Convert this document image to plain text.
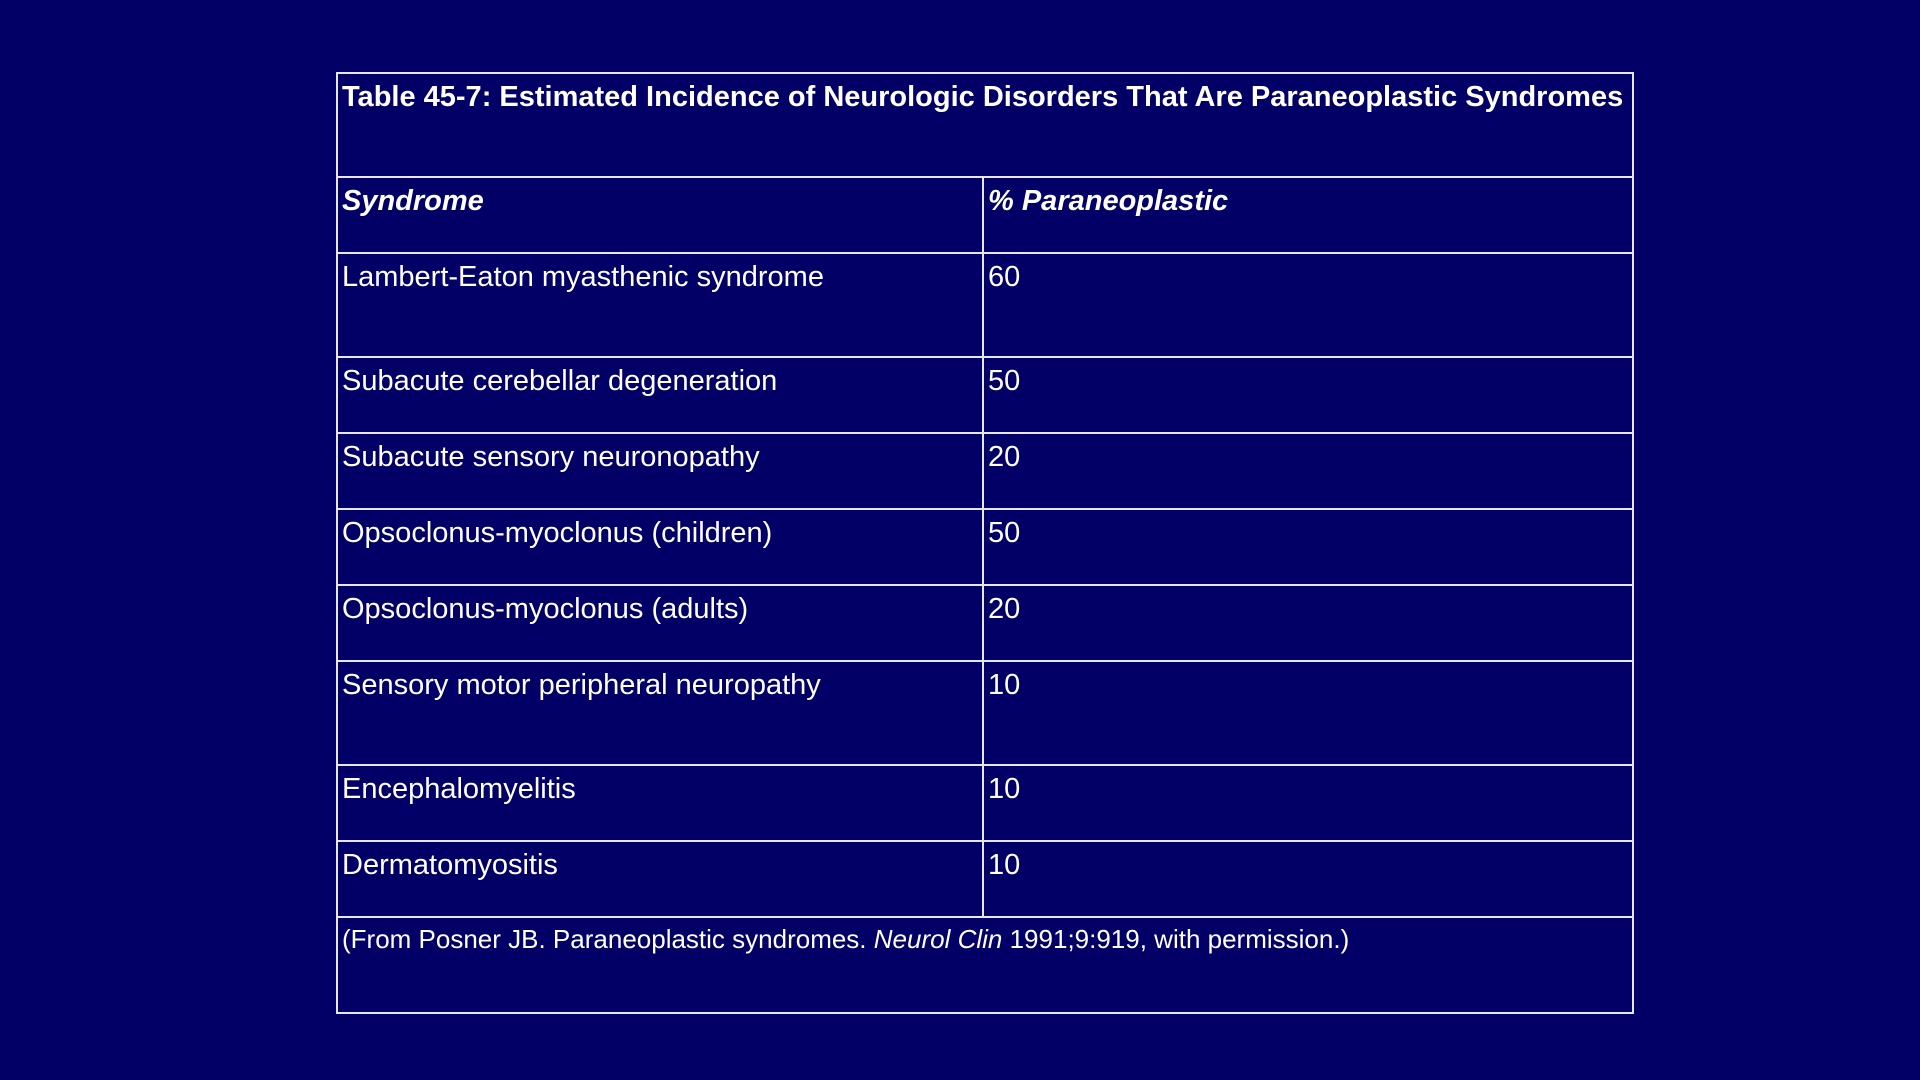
Table 45-7: Estimated Incidence of Neurologic Disorders That Are Paraneoplastic Syndromes	
Syndrome	% Paraneoplastic
Lambert-Eaton myasthenic syndrome	60
Subacute cerebellar degeneration	50
Subacute sensory neuronopathy	20
Opsoclonus-myoclonus (children)	50
Opsoclonus-myoclonus (adults)	20
Sensory motor peripheral neuropathy	10
Encephalomyelitis	10
Dermatomyositis	10
(From Posner JB. Paraneoplastic syndromes. Neurol Clin 1991;9:919, with permission.)	
